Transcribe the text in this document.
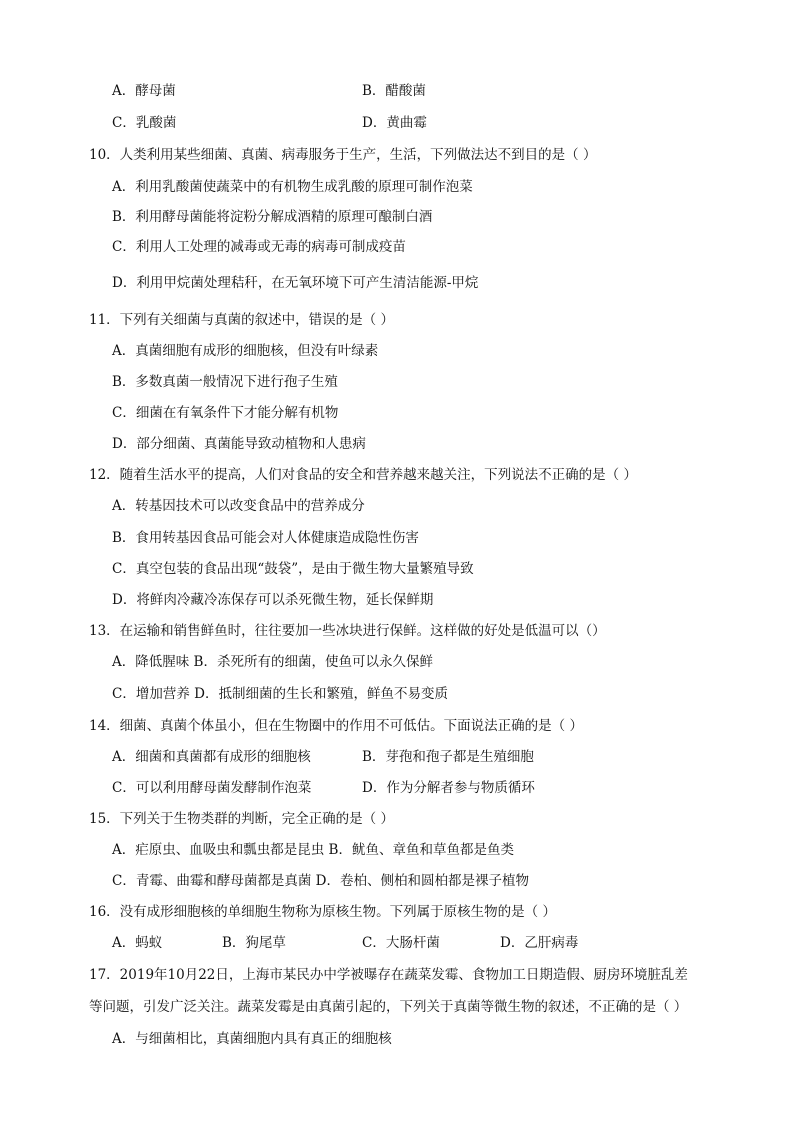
A．酵母菌	B．醋酸菌
C．乳酸菌	D．黄曲霉
10．人类利用某些细菌、真菌、病毒服务于生产，生活，下列做法达不到目的是（ ）
A．利用乳酸菌使蔬菜中的有机物生成乳酸的原理可制作泡菜
B．利用酵母菌能将淀粉分解成酒精的原理可酿制白酒
C．利用人工处理的减毒或无毒的病毒可制成疫苗
D．利用甲烷菌处理秸秆，在无氧环境下可产生清洁能源-甲烷
11．下列有关细菌与真菌的叙述中，错误的是（ ）
A．真菌细胞有成形的细胞核，但没有叶绿素
B．多数真菌一般情况下进行孢子生殖
C．细菌在有氧条件下才能分解有机物
D．部分细菌、真菌能导致动植物和人患病
12．随着生活水平的提高，人们对食品的安全和营养越来越关注，下列说法不正确的是（ ）
A．转基因技术可以改变食品中的营养成分
B．食用转基因食品可能会对人体健康造成隐性伤害
C．真空包装的食品出现“鼓袋”，是由于微生物大量繁殖导致
D．将鲜肉冷藏冷冻保存可以杀死微生物，延长保鲜期
13．在运输和销售鲜鱼时，往往要加一些冰块进行保鲜。这样做的好处是低温可以（）
A．降低腥味 B．杀死所有的细菌，使鱼可以永久保鲜
C．增加营养 D．抵制细菌的生长和繁殖，鲜鱼不易变质
14．细菌、真菌个体虽小，但在生物圈中的作用不可低估。下面说法正确的是（ ）
A．细菌和真菌都有成形的细胞核	B．芽孢和孢子都是生殖细胞
C．可以利用酵母菌发酵制作泡菜	D．作为分解者参与物质循环
15．下列关于生物类群的判断，完全正确的是（ ）
A．疟原虫、血吸虫和瓢虫都是昆虫 B．鱿鱼、章鱼和草鱼都是鱼类
C．青霉、曲霉和酵母菌都是真菌 D．卷柏、侧柏和圆柏都是裸子植物
16．没有成形细胞核的单细胞生物称为原核生物。下列属于原核生物的是（ ）
A．蚂蚁	B．狗尾草	C．大肠杆菌	D．乙肝病毒
17．2019年10月22日，上海市某民办中学被曝存在蔬菜发霉、食物加工日期造假、厨房环境脏乱差
等问题，引发广泛关注。蔬菜发霉是由真菌引起的，下列关于真菌等微生物的叙述，不正确的是（ ）
A．与细菌相比，真菌细胞内具有真正的细胞核
